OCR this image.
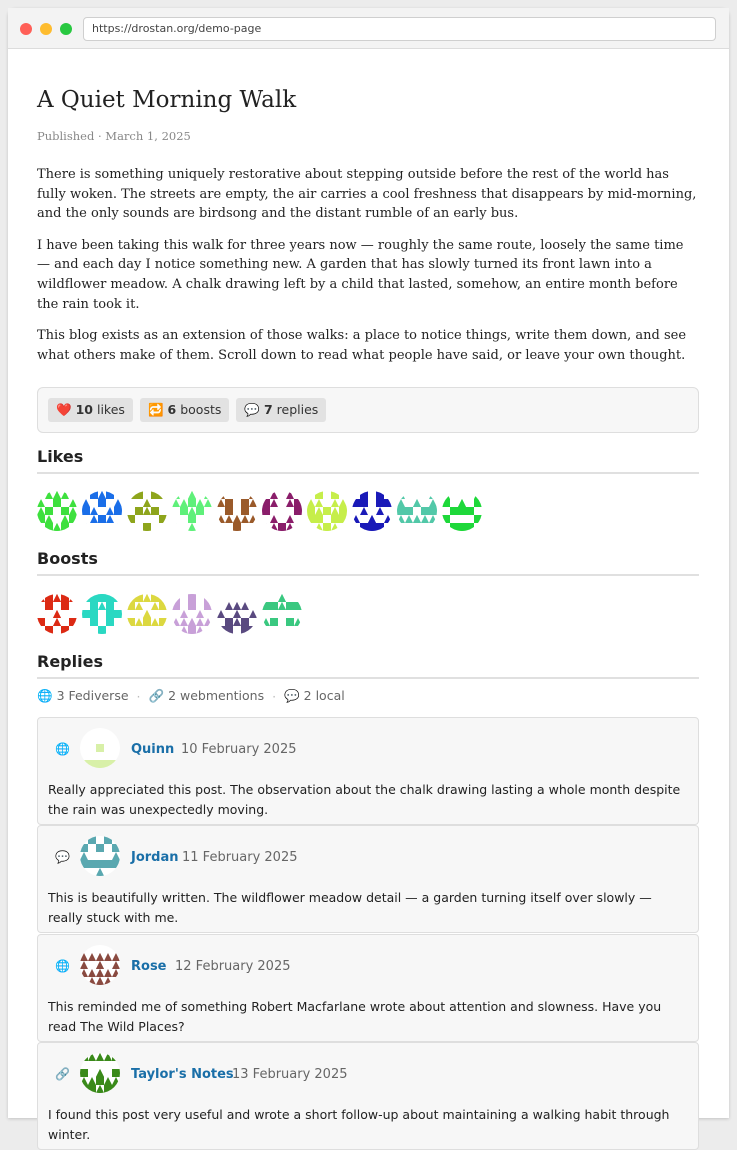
https://drostan.org/demo-page
A Quiet Morning Walk
Published · March 1, 2025

There is something uniquely restorative about stepping outside before the rest of the world has fully woken. The streets are empty, the air carries a cool freshness that disappears by mid-morning, and the only sounds are birdsong and the distant rumble of an early bus.

I have been taking this walk for three years now — roughly the same route, loosely the same time — and each day I notice something new. A garden that has slowly turned its front lawn into a wildflower meadow. A chalk drawing left by a child that lasted, somehow, an entire month before the rain took it.

This blog exists as an extension of those walks: a place to notice things, write them down, and see what others make of them. Scroll down to read what people have said, or leave your own thought.

❤️ 10 likes 🔁 6 boosts 💬 7 replies
Likes
Boosts
Replies
🌐 3 Fediverse · 🔗 2 webmentions · 💬 2 local
🌐	Quinn 10 February 2025
Really appreciated this post. The observation about the chalk drawing lasting a whole month despite the rain was unexpectedly moving.
💬	Jordan 11 February 2025
This is beautifully written. The wildflower meadow detail — a garden turning itself over slowly — really stuck with me.
🌐	Rose 12 February 2025
This reminded me of something Robert Macfarlane wrote about attention and slowness. Have you read The Wild Places?
🔗	Taylor's Notes
13 February 2025
I found this post very useful and wrote a short follow-up about maintaining a walking habit through winter.
